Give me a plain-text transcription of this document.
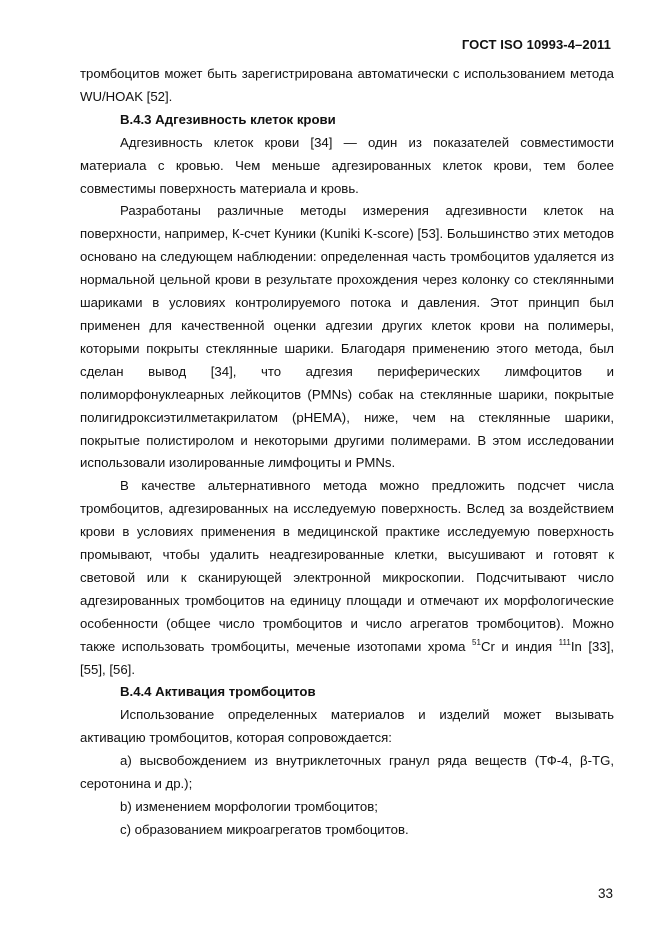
ГОСТ ISO 10993-4–2011

тромбоцитов может быть зарегистрирована автоматически с использованием метода WU/HOAK [52].

B.4.3 Адгезивность клеток крови

Адгезивность клеток крови [34] — один из показателей совместимости материала с кровью. Чем меньше адгезированных клеток крови, тем более совместимы поверхность материала и кровь.

Разработаны различные методы измерения адгезивности клеток на поверхности, например, К-счет Куники (Kuniki K-score) [53]. Большинство этих методов основано на следующем наблюдении: определенная часть тромбоцитов удаляется из нормальной цельной крови в результате прохождения через колонку со стеклянными шариками в условиях контролируемого потока и давления. Этот принцип был применен для качественной оценки адгезии других клеток крови на полимеры, которыми покрыты стеклянные шарики. Благодаря применению этого метода, был сделан вывод [34], что адгезия периферических лимфоцитов и полиморфонуклеарных лейкоцитов (PMNs) собак на стеклянные шарики, покрытые полигидроксиэтилметакрилатом (pHEMA), ниже, чем на стеклянные шарики, покрытые полистиролом и некоторыми другими полимерами. В этом исследовании использовали изолированные лимфоциты и PMNs.

В качестве альтернативного метода можно предложить подсчет числа тромбоцитов, адгезированных на исследуемую поверхность. Вслед за воздействием крови в условиях применения в медицинской практике исследуемую поверхность промывают, чтобы удалить неадгезированные клетки, высушивают и готовят к световой или к сканирующей электронной микроскопии. Подсчитывают число адгезированных тромбоцитов на единицу площади и отмечают их морфологические особенности (общее число тромбоцитов и число агрегатов тромбоцитов). Можно также использовать тромбоциты, меченые изотопами хрома $^{51}$Cr и индия $^{111}$In [33], [55], [56].

B.4.4 Активация тромбоцитов

Использование определенных материалов и изделий может вызывать активацию тромбоцитов, которая сопровождается:

a) высвобождением из внутриклеточных гранул ряда веществ (ТФ-4, β-TG, серотонина и др.);

b) изменением морфологии тромбоцитов;

c) образованием микроагрегатов тромбоцитов.

33
